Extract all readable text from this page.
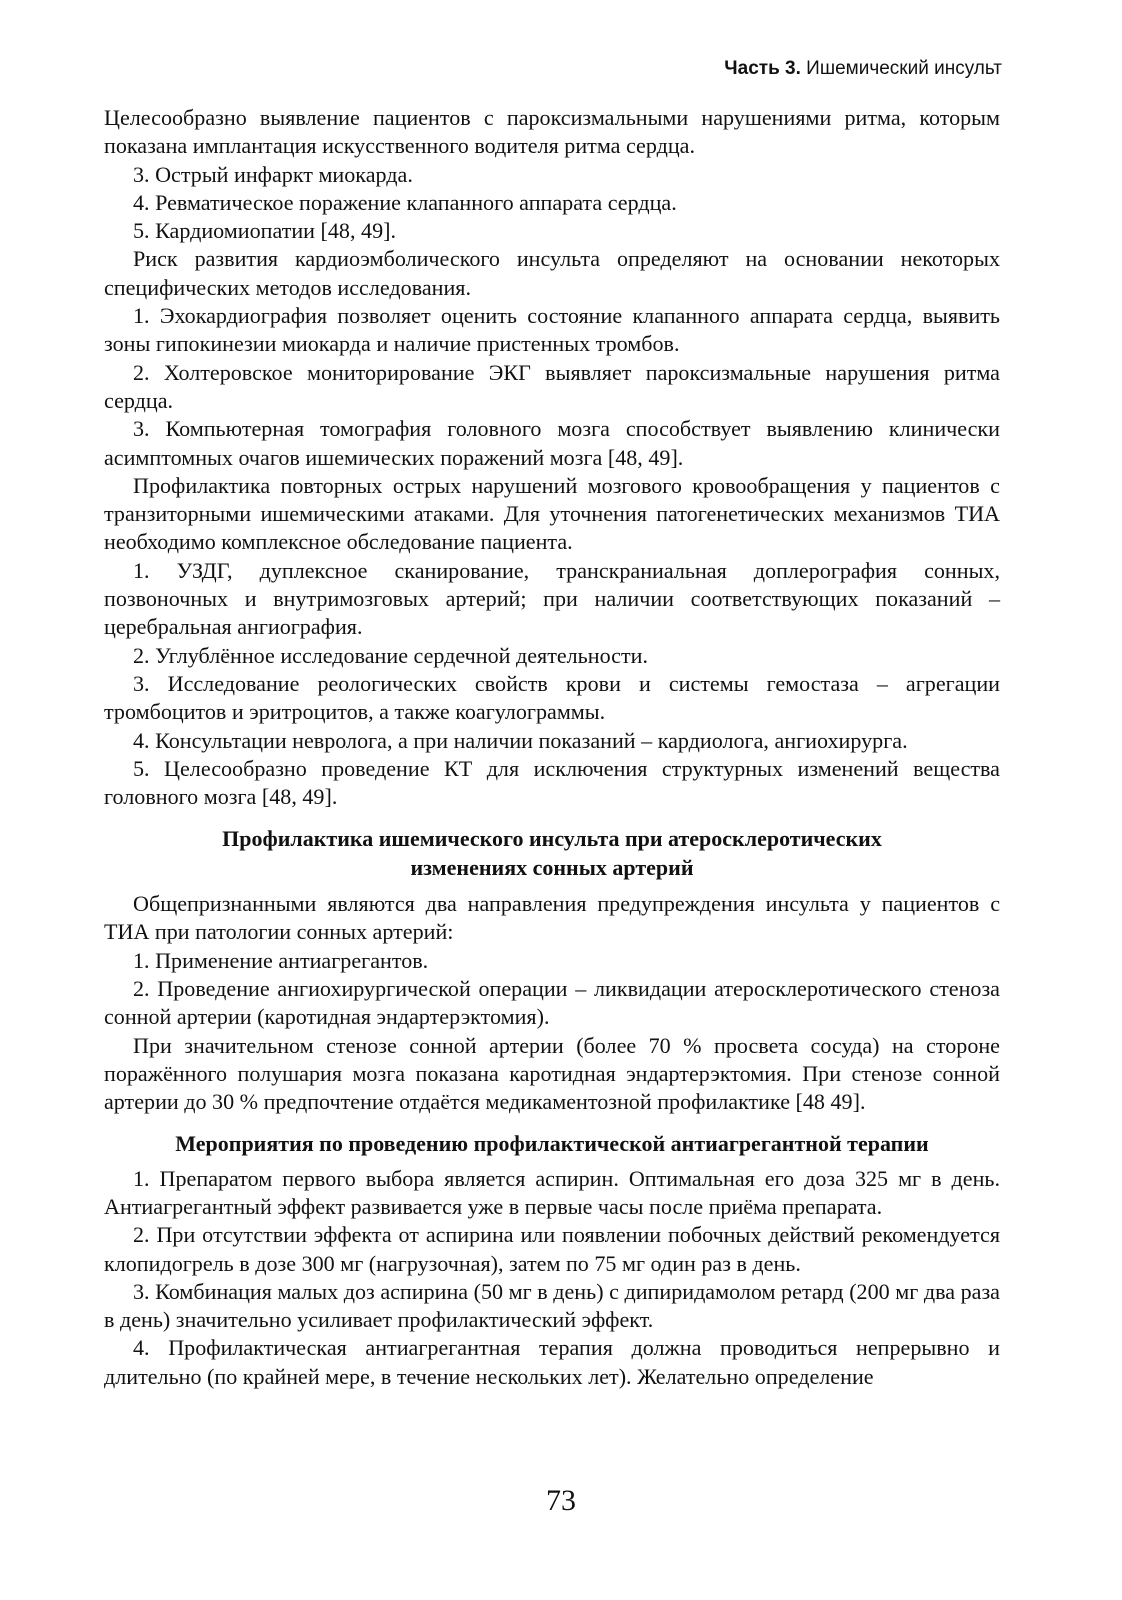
Часть 3. Ишемический инсульт

Целесообразно выявление пациентов с пароксизмальными нарушениями ритма, которым показана имплантация искусственного водителя ритма сердца.

3. Острый инфаркт миокарда.

4. Ревматическое поражение клапанного аппарата сердца.

5. Кардиомиопатии [48, 49].

Риск развития кардиоэмболического инсульта определяют на основании некоторых специфических методов исследования.

1. Эхокардиография позволяет оценить состояние клапанного аппарата сердца, выявить зоны гипокинезии миокарда и наличие пристенных тромбов.

2. Холтеровское мониторирование ЭКГ выявляет пароксизмальные нарушения ритма сердца.

3. Компьютерная томография головного мозга способствует выявлению клинически асимптомных очагов ишемических поражений мозга [48, 49].

Профилактика повторных острых нарушений мозгового кровообращения у пациентов с транзиторными ишемическими атаками. Для уточнения патогенетических механизмов ТИА необходимо комплексное обследование пациента.

1. УЗДГ, дуплексное сканирование, транскраниальная доплерография сонных, позвоночных и внутримозговых артерий; при наличии соответствующих показаний – церебральная ангиография.

2. Углублённое исследование сердечной деятельности.

3. Исследование реологических свойств крови и системы гемостаза – агрегации тромбоцитов и эритроцитов, а также коагулограммы.

4. Консультации невролога, а при наличии показаний – кардиолога, ангиохирурга.

5. Целесообразно проведение КТ для исключения структурных изменений вещества головного мозга [48, 49].

Профилактика ишемического инсульта при атеросклеротических изменениях сонных артерий

Общепризнанными являются два направления предупреждения инсульта у пациентов с ТИА при патологии сонных артерий:

1. Применение антиагрегантов.

2. Проведение ангиохирургической операции – ликвидации атеросклеротического стеноза сонной артерии (каротидная эндартерэктомия).

При значительном стенозе сонной артерии (более 70 % просвета сосуда) на стороне поражённого полушария мозга показана каротидная эндартерэктомия. При стенозе сонной артерии до 30 % предпочтение отдаётся медикаментозной профилактике [48 49].

Мероприятия по проведению профилактической антиагрегантной терапии

1. Препаратом первого выбора является аспирин. Оптимальная его доза 325 мг в день. Антиагрегантный эффект развивается уже в первые часы после приёма препарата.

2. При отсутствии эффекта от аспирина или появлении побочных действий рекомендуется клопидогрель в дозе 300 мг (нагрузочная), затем по 75 мг один раз в день.

3. Комбинация малых доз аспирина (50 мг в день) с дипиридамолом ретард (200 мг два раза в день) значительно усиливает профилактический эффект.

4. Профилактическая антиагрегантная терапия должна проводиться непрерывно и длительно (по крайней мере, в течение нескольких лет). Желательно определение

73
